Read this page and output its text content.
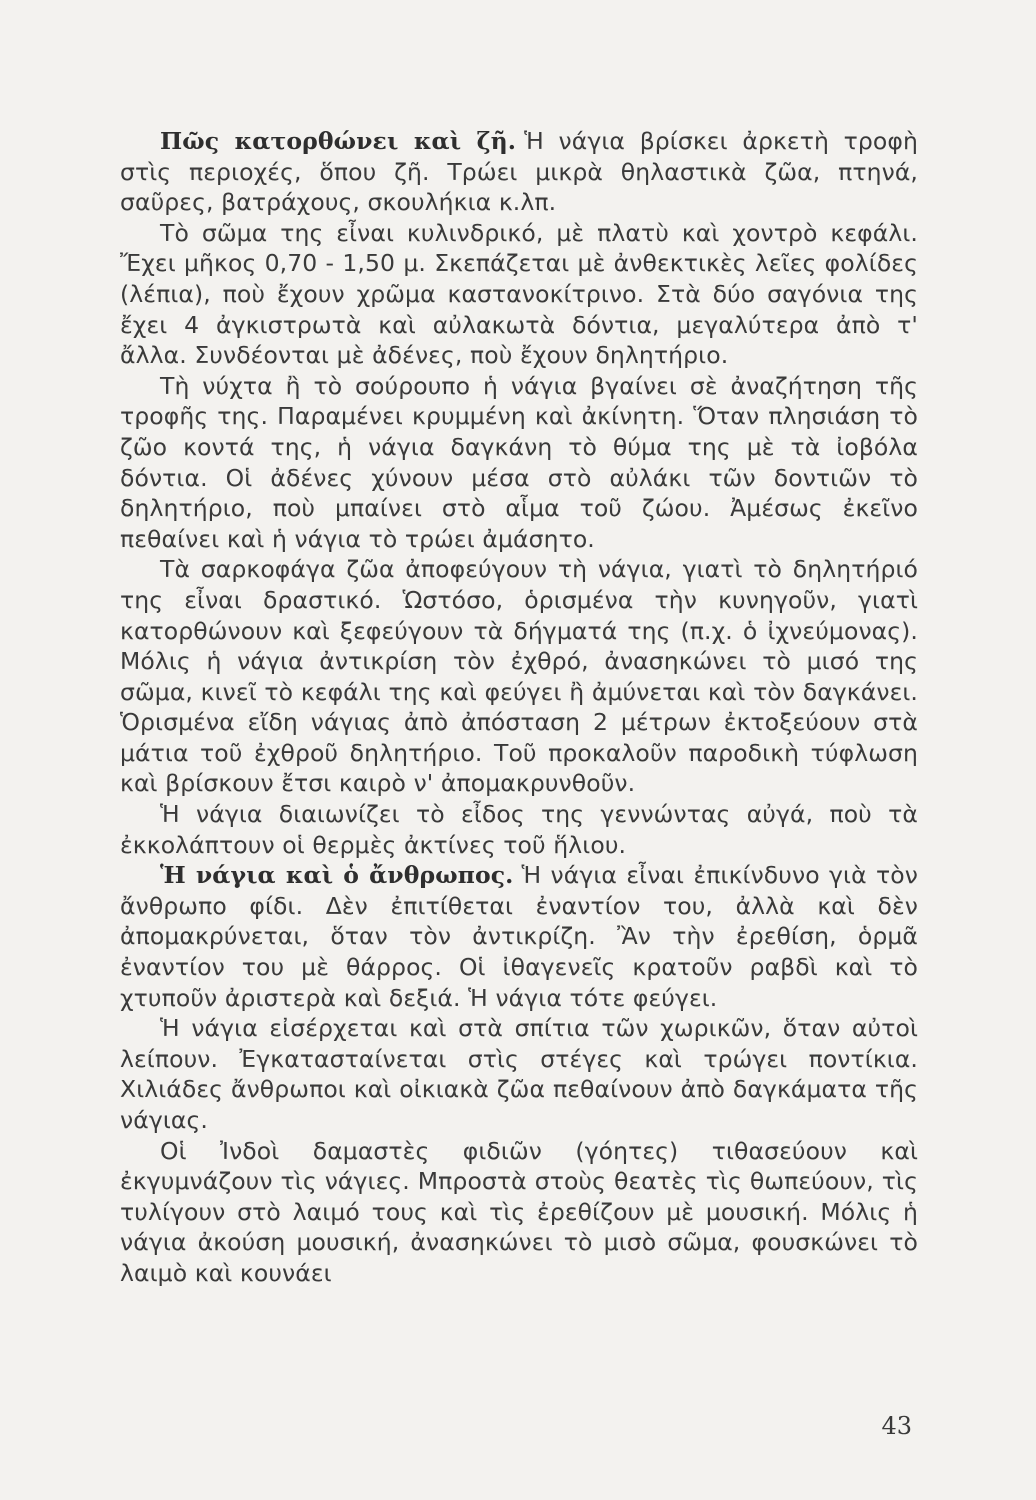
Πῶς κατορθώνει καὶ ζῆ. Ἡ νάγια βρίσκει ἀρκετὴ τροφὴ στὶς περιοχές, ὅπου ζῆ. Τρώει μικρὰ θηλαστικὰ ζῶα, πτηνά, σαῦρες, βατράχους, σκουλήκια κ.λπ.

Τὸ σῶμα της εἶναι κυλινδρικό, μὲ πλατὺ καὶ χοντρὸ κεφάλι. Ἔχει μῆκος 0,70 - 1,50 μ. Σκεπάζεται μὲ ἀνθεκτικὲς λεῖες φολίδες (λέπια), ποὺ ἔχουν χρῶμα καστανοκίτρινο. Στὰ δύο σαγόνια της ἔχει 4 ἀγκιστρωτὰ καὶ αὐλακωτὰ δόντια, μεγαλύτερα ἀπὸ τ' ἄλλα. Συνδέονται μὲ ἀδένες, ποὺ ἔχουν δηλητήριο.

Τὴ νύχτα ἢ τὸ σούρουπο ἡ νάγια βγαίνει σὲ ἀναζήτηση τῆς τροφῆς της. Παραμένει κρυμμένη καὶ ἀκίνητη. Ὅταν πλησιάση τὸ ζῶο κοντά της, ἡ νάγια δαγκάνη τὸ θύμα της μὲ τὰ ἰοβόλα δόντια. Οἱ ἀδένες χύνουν μέσα στὸ αὐλάκι τῶν δοντιῶν τὸ δηλητήριο, ποὺ μπαίνει στὸ αἷμα τοῦ ζώου. Ἀμέσως ἐκεῖνο πεθαίνει καὶ ἡ νάγια τὸ τρώει ἀμάσητο.

Τὰ σαρκοφάγα ζῶα ἀποφεύγουν τὴ νάγια, γιατὶ τὸ δηλητήριό της εἶναι δραστικό. Ὡστόσο, ὁρισμένα τὴν κυνηγοῦν, γιατὶ κατορθώνουν καὶ ξεφεύγουν τὰ δήγματά της (π.χ. ὁ ἰχνεύμονας). Μόλις ἡ νάγια ἀντικρίση τὸν ἐχθρό, ἀνασηκώνει τὸ μισό της σῶμα, κινεῖ τὸ κεφάλι της καὶ φεύγει ἢ ἀμύνεται καὶ τὸν δαγκάνει. Ὁρισμένα εἴδη νάγιας ἀπὸ ἀπόσταση 2 μέτρων ἐκτοξεύουν στὰ μάτια τοῦ ἐχθροῦ δηλητήριο. Τοῦ προκαλοῦν παροδικὴ τύφλωση καὶ βρίσκουν ἔτσι καιρὸ ν' ἀπομακρυνθοῦν.

Ἡ νάγια διαιωνίζει τὸ εἶδος της γεννώντας αὐγά, ποὺ τὰ ἐκκολάπτουν οἱ θερμὲς ἀκτίνες τοῦ ἥλιου.

Ἡ νάγια καὶ ὁ ἄνθρωπος. Ἡ νάγια εἶναι ἐπικίνδυνο γιὰ τὸν ἄνθρωπο φίδι. Δὲν ἐπιτίθεται ἐναντίον του, ἀλλὰ καὶ δὲν ἀπομακρύνεται, ὅταν τὸν ἀντικρίζη. Ἂν τὴν ἐρεθίση, ὁρμᾶ ἐναντίον του μὲ θάρρος. Οἱ ἰθαγενεῖς κρατοῦν ραβδὶ καὶ τὸ χτυποῦν ἀριστερὰ καὶ δεξιά. Ἡ νάγια τότε φεύγει.

Ἡ νάγια εἰσέρχεται καὶ στὰ σπίτια τῶν χωρικῶν, ὅταν αὐτοὶ λείπουν. Ἐγκατασταίνεται στὶς στέγες καὶ τρώγει ποντίκια. Χιλιάδες ἄνθρωποι καὶ οἰκιακὰ ζῶα πεθαίνουν ἀπὸ δαγκάματα τῆς νάγιας.

Οἱ Ἰνδοὶ δαμαστὲς φιδιῶν (γόητες) τιθασεύουν καὶ ἐκγυμνάζουν τὶς νάγιες. Μπροστὰ στοὺς θεατὲς τὶς θωπεύουν, τὶς τυλίγουν στὸ λαιμό τους καὶ τὶς ἐρεθίζουν μὲ μουσική. Μόλις ἡ νάγια ἀκούση μουσική, ἀνασηκώνει τὸ μισὸ σῶμα, φουσκώνει τὸ λαιμὸ καὶ κουνάει

43
